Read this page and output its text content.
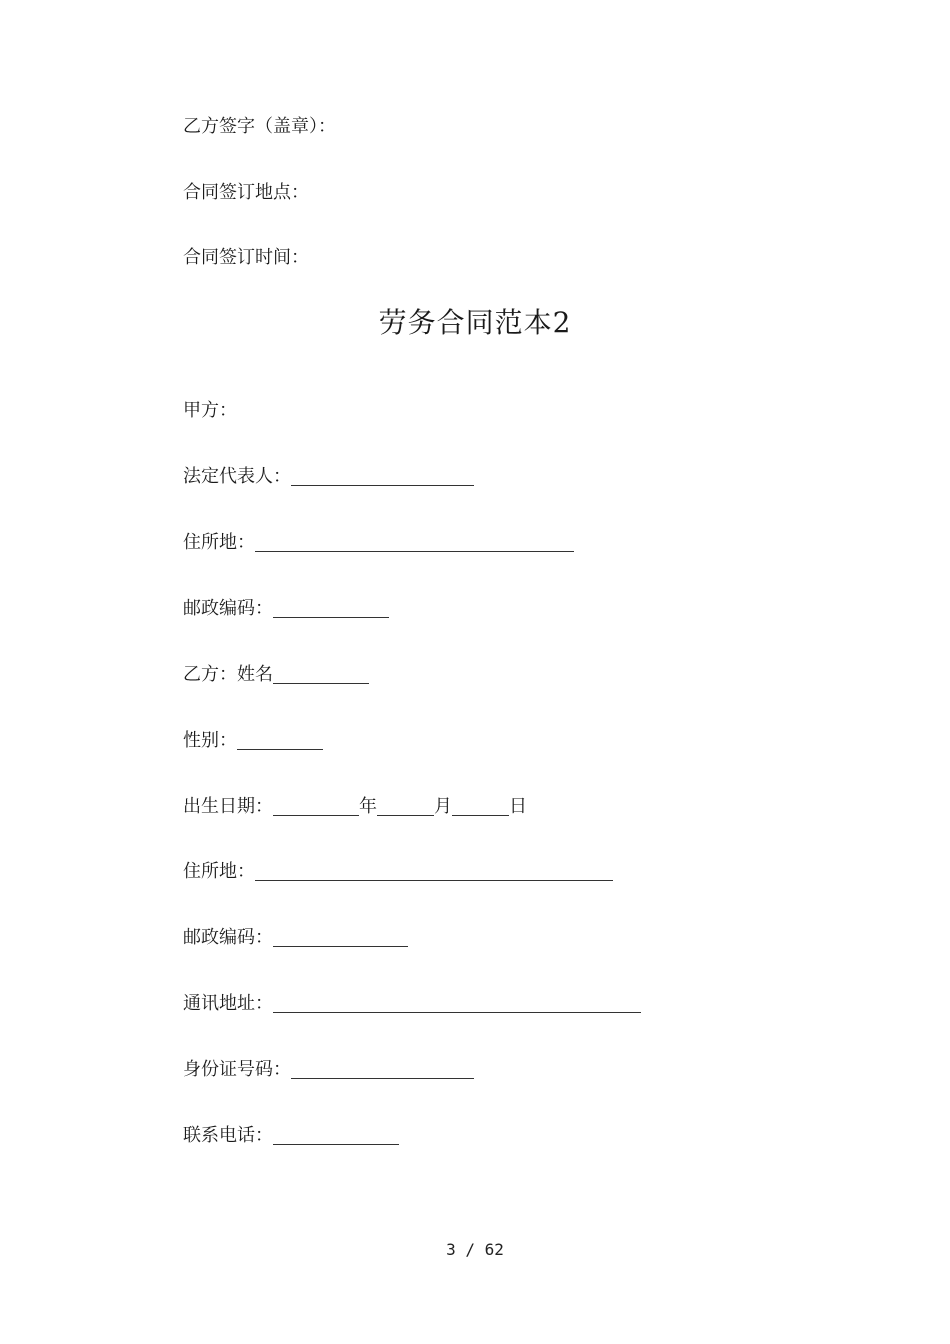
乙方签字（盖章）：
合同签订地点：
合同签订时间：
劳务合同范本2
甲方：
法定代表人：
住所地：
邮政编码：
乙方：姓名
性别：
出生日期：	年	月	日
住所地：
邮政编码：
通讯地址：
身份证号码：
联系电话：
3 / 62
